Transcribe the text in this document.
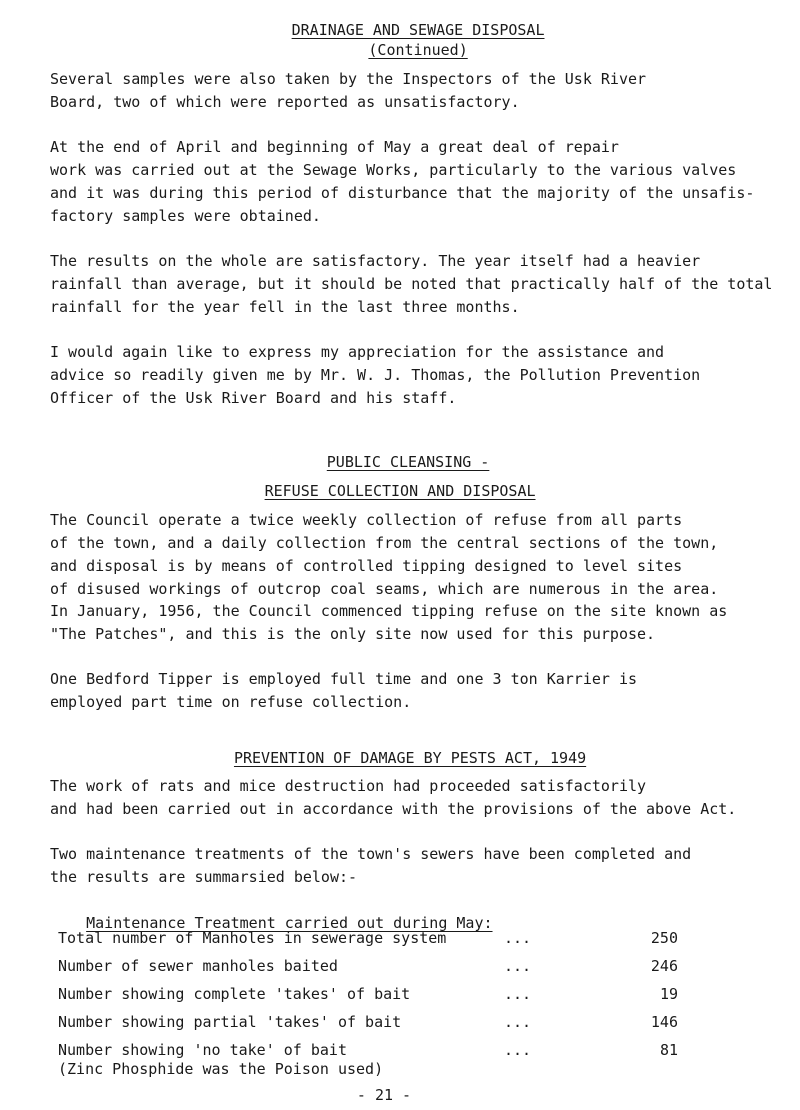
DRAINAGE AND SEWAGE DISPOSAL

(Continued)

Several samples were also taken by the Inspectors of the Usk River
Board, two of which were reported as unsatisfactory.
At the end of April and beginning of May a great deal of repair
work was carried out at the Sewage Works, particularly to the various valves
and it was during this period of disturbance that the majority of the unsafis-
factory samples were obtained.
The results on the whole are satisfactory. The year itself had a heavier
rainfall than average, but it should be noted that practically half of the total
rainfall for the year fell in the last three months.
I would again like to express my appreciation for the assistance and
advice so readily given me by Mr. W. J. Thomas, the Pollution Prevention
Officer of the Usk River Board and his staff.

PUBLIC CLEANSING -

REFUSE COLLECTION AND DISPOSAL

The Council operate a twice weekly collection of refuse from all parts
of the town, and a daily collection from the central sections of the town,
and disposal is by means of controlled tipping designed to level sites
of disused workings of outcrop coal seams, which are numerous in the area.
In January, 1956, the Council commenced tipping refuse on the site known as
"The Patches", and this is the only site now used for this purpose.
One Bedford Tipper is employed full time and one 3 ton Karrier is
employed part time on refuse collection.

PREVENTION OF DAMAGE BY PESTS ACT, 1949

The work of rats and mice destruction had proceeded satisfactorily
and had been carried out in accordance with the provisions of the above Act.
Two maintenance treatments of the town's sewers have been completed and
the results are summarsied below:-

Maintenance Treatment carried out during May:

Total number of Manholes in sewerage system	...	250
Number of sewer manholes baited	...	246
Number showing complete 'takes' of bait	...	19
Number showing partial 'takes' of bait	...	146
Number showing 'no take' of bait	...	81
(Zinc Phosphide was the Poison used)
- 21 -
